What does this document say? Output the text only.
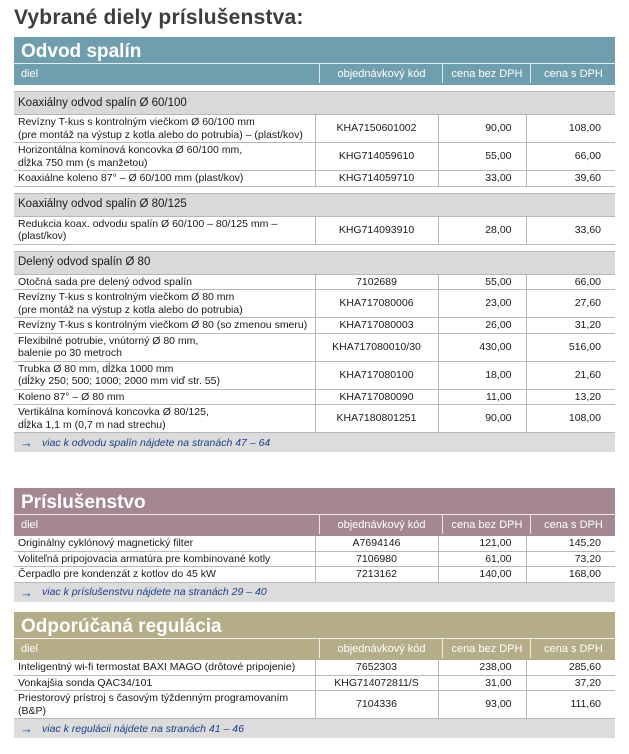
Vybrané diely príslušenstva:
Odvod spalín
diel	objednávkový kód	cena bez DPH	cena s DPH

Koaxiálny odvod spalín Ø 60/100			
Revízny T-kus s kontrolným viečkom Ø 60/100 mm
(pre montáž na výstup z kotla alebo do potrubia) – (plast/kov)	KHA7150601002	90,00	108,00
Horizontálna komínová koncovka Ø 60/100 mm,
dĺžka 750 mm (s manžetou)	KHG714059610	55,00	66,00
Koaxiálne koleno 87° – Ø 60/100 mm (plast/kov)	KHG714059710	33,00	39,60

Koaxiálny odvod spalín Ø 80/125			
Redukcia koax. odvodu spalín Ø 60/100 – 80/125 mm – (plast/kov)	KHG714093910	28,00	33,60

Delený odvod spalín Ø 80			
Otočná sada pre delený odvod spalín	7102689	55,00	66,00
Revízny T-kus s kontrolným viečkom Ø 80 mm
(pre montáž na výstup z kotla alebo do potrubia)	KHA717080006	23,00	27,60
Revízny T-kus s kontrolným viečkom Ø 80 (so zmenou smeru)	KHA717080003	26,00	31,20
Flexibilné potrubie, vnútorný Ø 80 mm,
balenie po 30 metroch	KHA717080010/30	430,00	516,00
Trubka Ø 80 mm, dĺžka 1000 mm
(dĺžky 250; 500; 1000; 2000 mm viď str. 55)	KHA717080100	18,00	21,60
Koleno 87° – Ø 80 mm	KHA717080090	11,00	13,20
Vertikálna komínová koncovka Ø 80/125,
dĺžka 1,1 m (0,7 m nad strechu)	KHA7180801251	90,00	108,00
→ viac k odvodu spalín nájdete na stranách 47 – 64
Príslušenstvo
diel	objednávkový kód	cena bez DPH	cena s DPH
Originálny cyklónový magnetický filter	A7694146	121,00	145,20
Voliteľná pripojovacia armatúra pre kombinované kotly	7106980	61,00	73,20
Čerpadlo pre kondenzát z kotlov do 45 kW	7213162	140,00	168,00
→ viac k príslušenstvu nájdete na stranách 29 – 40
Odporúčaná regulácia
diel	objednávkový kód	cena bez DPH	cena s DPH
Inteligentný wi-fi termostat BAXI MAGO (drôtové pripojenie)	7652303	238,00	285,60
Vonkajšia sonda QAC34/101	KHG714072811/S	31,00	37,20
Priestorový prístroj s časovým týždenným programovaním
(B&P)	7104336	93,00	111,60
→ viac k regulácii nájdete na stranách 41 – 46
